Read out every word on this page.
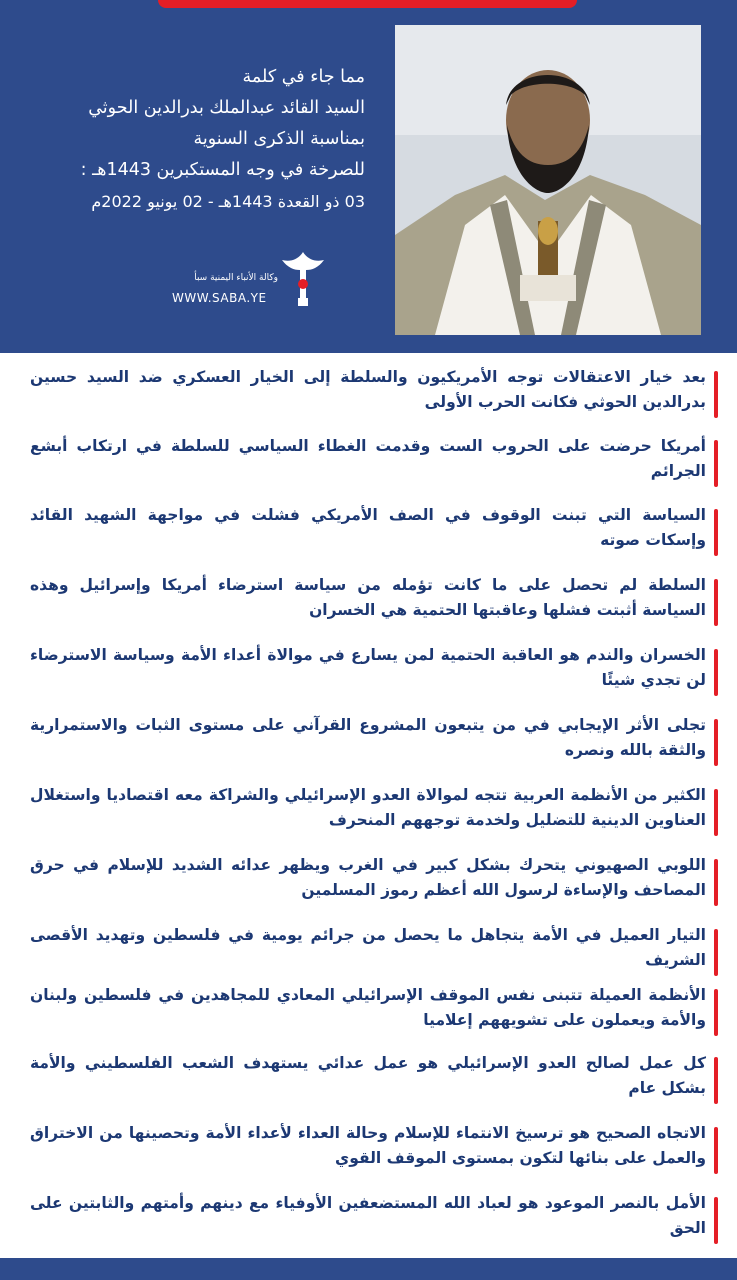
مما جاء في كلمة
السيد القائد عبدالملك بدرالدين الحوثي
بمناسبة الذكرى السنوية
للصرخة في وجه المستكبرين 1443هـ :
03 ذو القعدة 1443هـ - 02 يونيو 2022م
وكالة الأنباء اليمنية سبأ
WWW.SABA.YE
بعد خيار الاعتقالات توجه الأمريكيون والسلطة إلى الخيار العسكري ضد السيد حسين بدرالدين الحوثي فكانت الحرب الأولى
أمريكا حرضت على الحروب الست وقدمت الغطاء السياسي للسلطة في ارتكاب أبشع الجرائم
السياسة التي تبنت الوقوف في الصف الأمريكي فشلت في مواجهة الشهيد القائد وإسكات صوته
السلطة لم تحصل على ما كانت تؤمله من سياسة استرضاء أمريكا وإسرائيل وهذه السياسة أثبتت فشلها وعاقبتها الحتمية هي الخسران
الخسران والندم هو العاقبة الحتمية لمن يسارع في موالاة أعداء الأمة وسياسة الاسترضاء لن تجدي شيئًا
تجلى الأثر الإيجابي في من يتبعون المشروع القرآني على مستوى الثبات والاستمرارية والثقة بالله ونصره
الكثير من الأنظمة العربية تتجه لموالاة العدو الإسرائيلي والشراكة معه اقتصاديا واستغلال العناوين الدينية للتضليل ولخدمة توجههم المنحرف
اللوبي الصهيوني يتحرك بشكل كبير في الغرب ويظهر عدائه الشديد للإسلام في حرق المصاحف والإساءة لرسول الله أعظم رموز المسلمين
التيار العميل في الأمة يتجاهل ما يحصل من جرائم يومية في فلسطين وتهديد الأقصى الشريف
الأنظمة العميلة تتبنى نفس الموقف الإسرائيلي المعادي للمجاهدين في فلسطين ولبنان والأمة ويعملون على تشويههم إعلاميا
كل عمل لصالح العدو الإسرائيلي هو عمل عدائي يستهدف الشعب الفلسطيني والأمة بشكل عام
الاتجاه الصحيح هو ترسيخ الانتماء للإسلام وحالة العداء لأعداء الأمة وتحصينها من الاختراق والعمل على بنائها لتكون بمستوى الموقف القوي
الأمل بالنصر الموعود هو لعباد الله المستضعفين الأوفياء مع دينهم وأمتهم والثابتين على الحق
